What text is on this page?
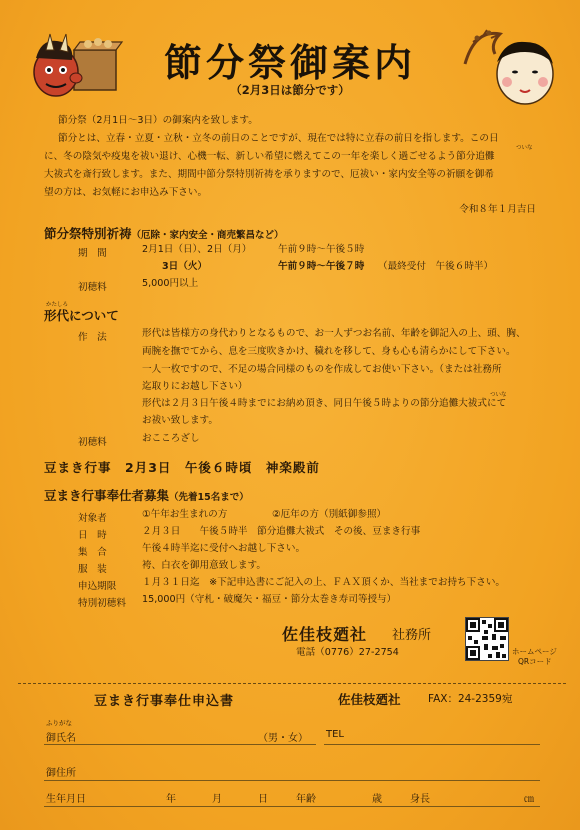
節分祭御案内
（2月3日は節分です）
節分祭（2月1日〜3日）の御案内を致します。
節分とは、立春・立夏・立秋・立冬の前日のことですが、現在では特に立春の前日を指します。この日
に、冬の陰気や疫鬼を祓い退け、心機一転、新しい希望に燃えてこの一年を楽しく過ごせるよう節分追儺
ついな
大祓式を斎行致します。また、期間中節分祭特別祈祷を承りますので、厄祓い・家内安全等の祈願を御希
望の方は、お気軽にお申込み下さい。
令和８年１月吉日
節分祭特別祈祷（厄除・家内安全・商売繁昌など）
期　間	2月1日（日）、2日（月）	午前９時〜午後５時
3日（火）	午前９時〜午後７時 （最終受付　午後６時半）
初穂料	5,000円以上
かたしろ
形代について
作　法	形代は皆様方の身代わりとなるもので、お一人ずつお名前、年齢を御記入の上、頭、胸、
両腕を撫でてから、息を三度吹きかけ、穢れを移して、身も心も清らかにして下さい。
一人一枚ですので、不足の場合同様のものを作成してお使い下さい。（または社務所
迄取りにお越し下さい）
ついな
形代は２月３日午後４時までにお納め頂き、同日午後５時よりの節分追儺大祓式にて
お祓い致します。
初穂料	おこころざし
豆まき行事　2月3日　午後６時頃　神楽殿前
豆まき行事奉仕者募集（先着15名まで）
対象者	①午年お生まれの方	②厄年の方（別紙御参照）
日　時	２月３日　　午後５時半　節分追儺大祓式　その後、豆まき行事
集　合	午後４時半迄に受付へお越し下さい。
服　装	袴、白衣を御用意致します。
申込期限	１月３１日迄　※下記申込書にご記入の上、ＦＡＸ頂くか、当社までお持ち下さい。
特別初穂料 15,000円（守札・破魔矢・福豆・節分太巻き寿司等授与）
佐佳枝廼社 社務所
電話（0776）27-2754	ホームページ
QRコード
豆まき行事奉仕申込書	佐佳枝廼社	FAX：24-2359宛
ふりがな
御氏名	（男・女） TEL
御住所
生年月日	年	月	日	年齢	歳	身長	㎝
